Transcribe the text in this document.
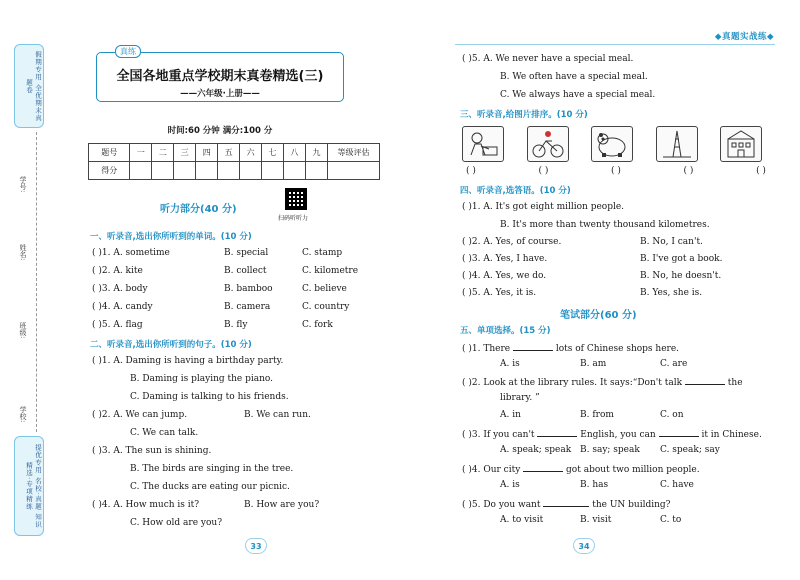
假期专用 全优期末真题卷
学号:
姓名:
班级:
学校:
提优专用 名校·真题 知识精选·专项精练
真练
全国各地重点学校期末真卷精选(三)
——六年级·上册——
时间:60 分钟 满分:100 分
题号	一	二	三	四	五	六	七	八	九	等级评估
得分										
听力部分(40 分)
扫码听听力
一、听录音,选出你所听到的单词。(10 分)
( )1. A. sometime	B. special	C. stamp
( )2. A. kite	B. collect	C. kilometre
( )3. A. body	B. bamboo	C. believe
( )4. A. candy	B. camera	C. country
( )5. A. flag	B. fly	C. fork
二、听录音,选出你所听到的句子。(10 分)
( )1. A. Daming is having a birthday party.
B. Daming is playing the piano.
C. Daming is talking to his friends.
( )2. A. We can jump.	B. We can run.
C. We can talk.
( )3. A. The sun is shining.
B. The birds are singing in the tree.
C. The ducks are eating our picnic.
( )4. A. How much is it?	B. How are you?
C. How old are you?
33
◆真题实战练◆
( )5. A. We never have a special meal.
B. We often have a special meal.
C. We always have a special meal.
三、听录音,给图片排序。(10 分)
( )	( )	( )	( )	( )
四、听录音,选答语。(10 分)
( )1. A. It's got eight million people.
B. It's more than twenty thousand kilometres.
( )2. A. Yes, of course.	B. No, I can't.
( )3. A. Yes, I have.	B. I've got a book.
( )4. A. Yes, we do.	B. No, he doesn't.
( )5. A. Yes, it is.	B. Yes, she is.
笔试部分(60 分)
五、单项选择。(15 分)
( )1. There	lots of Chinese shops here.
A. is	B. am	C. are
( )2. Look at the library rules. It says:“Don't talk	the
library. ”
A. in	B. from	C. on
( )3. If you can't	English, you can	it in Chinese.
A. speak; speak B. say; speak C. speak; say
( )4. Our city	got about two million people.
A. is	B. has	C. have
( )5. Do you want	the UN building?
A. to visit	B. visit	C. to
34
